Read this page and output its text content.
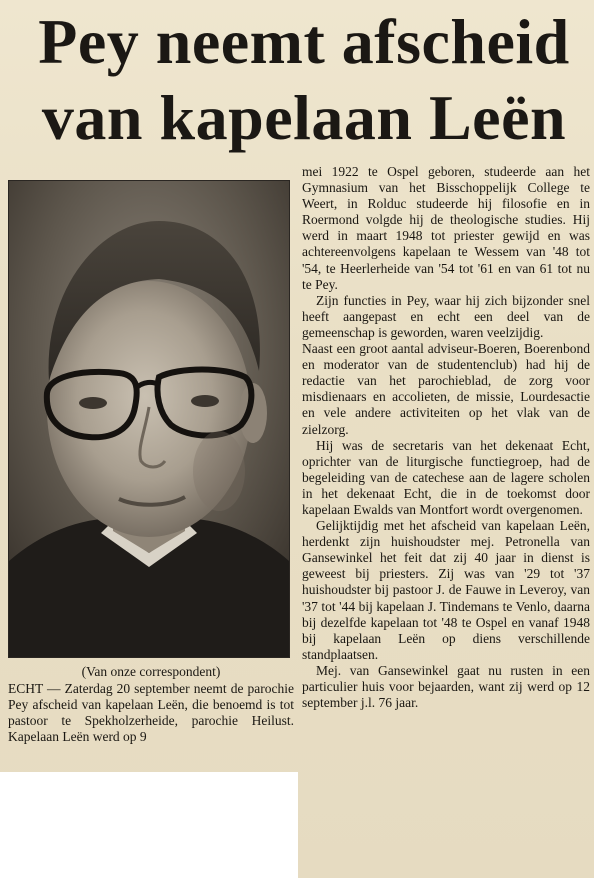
Pey neemt afscheid
van kapelaan Leën
(Van onze correspondent)
ECHT — Zaterdag 20 september neemt de parochie Pey afscheid van kapelaan Leën, die benoemd is tot pastoor te Spekholzerheide, parochie Heilust. Kapelaan Leën werd op 9

mei 1922 te Ospel geboren, studeerde aan het Gymnasium van het Bisschoppelijk College te Weert, in Rolduc studeerde hij filosofie en in Roermond volgde hij de theologische studies. Hij werd in maart 1948 tot priester gewijd en was achtereenvolgens kapelaan te Wessem van '48 tot '54, te Heerlerheide van '54 tot '61 en van 61 tot nu te Pey.

Zijn functies in Pey, waar hij zich bijzonder snel heeft aangepast en echt een deel van de gemeenschap is geworden, waren veelzijdig.

Naast een groot aantal adviseur-Boeren, Boerenbond en moderator van de studentenclub) had hij de redactie van het parochieblad, de zorg voor misdienaars en accolieten, de missie, Lourdesactie en vele andere activiteiten op het vlak van de zielzorg.

Hij was de secretaris van het dekenaat Echt, oprichter van de liturgische functiegroep, had de begeleiding van de catechese aan de lagere scholen in het dekenaat Echt, die in de toekomst door kapelaan Ewalds van Montfort wordt overgenomen.

Gelijktijdig met het afscheid van kapelaan Leën, herdenkt zijn huishoudster mej. Petronella van Gansewinkel het feit dat zij 40 jaar in dienst is geweest bij priesters. Zij was van '29 tot '37 huishoudster bij pastoor J. de Fauwe in Leveroy, van '37 tot '44 bij kapelaan J. Tindemans te Venlo, daarna bij dezelfde kapelaan tot '48 te Ospel en vanaf 1948 bij kapelaan Leën op diens verschillende standplaatsen.

Mej. van Gansewinkel gaat nu rusten in een particulier huis voor bejaarden, want zij werd op 12 september j.l. 76 jaar.
